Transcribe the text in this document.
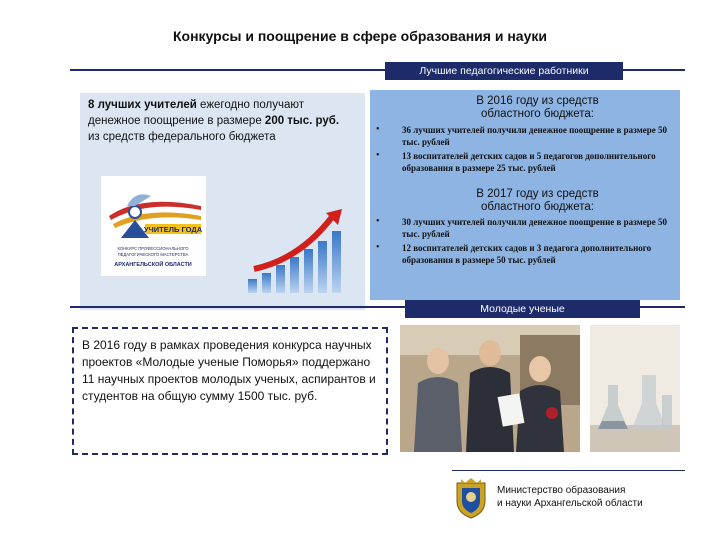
Конкурсы и поощрение в сфере образования и науки
Лучшие педагогические работники
8 лучших учителей ежегодно получают денежное поощрение в размере 200 тыс. руб. из средств федерального бюджета
УЧИТЕЛЬ ГОДА
КОНКУРС ПРОФЕССИОНАЛЬНОГО
ПЕДАГОГИЧЕСКОГО МАСТЕРСТВА
АРХАНГЕЛЬСКОЙ ОБЛАСТИ
В 2016 году из средств областного бюджета:
• 36 лучших учителей получили денежное поощрение в размере 50 тыс. рублей
• 13 воспитателей детских садов и 5 педагогов дополнительного образования в размере 25 тыс. рублей
В 2017 году из средств областного бюджета:
• 30 лучших учителей получили денежное поощрение в размере 50 тыс. рублей
• 12 воспитателей детских садов и 3 педагога дополнительного образования в размере 50 тыс. рублей
Молодые ученые
В 2016 году в рамках проведения конкурса научных проектов «Молодые ученые Поморья» поддержано 11 научных проектов молодых ученых, аспирантов и студентов на общую сумму 1500 тыс. руб.
Министерство образования
и науки Архангельской области
